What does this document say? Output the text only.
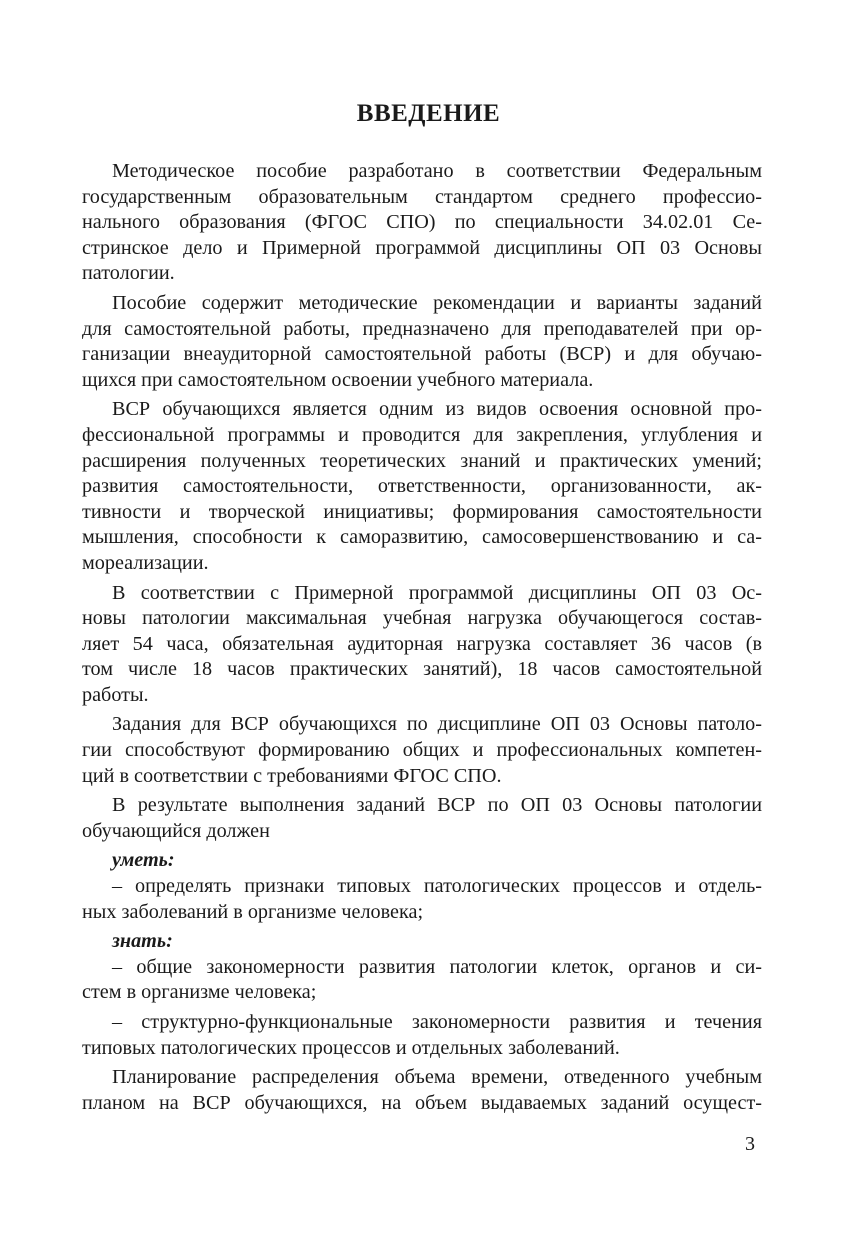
ВВЕДЕНИЕ
Методическое пособие разработано в соответствии Федеральным
государственным образовательным стандартом среднего профессио-
нального образования (ФГОС СПО) по специальности 34.02.01 Се-
стринское дело и Примерной программой дисциплины ОП 03 Основы
патологии.
Пособие содержит методические рекомендации и варианты заданий
для самостоятельной работы, предназначено для преподавателей при ор-
ганизации внеаудиторной самостоятельной работы (ВСР) и для обучаю-
щихся при самостоятельном освоении учебного материала.
ВСР обучающихся является одним из видов освоения основной про-
фессиональной программы и проводится для закрепления, углубления и
расширения полученных теоретических знаний и практических умений;
развития самостоятельности, ответственности, организованности, ак-
тивности и творческой инициативы; формирования самостоятельности
мышления, способности к саморазвитию, самосовершенствованию и са-
мореализации.
В соответствии с Примерной программой дисциплины ОП 03 Ос-
новы патологии максимальная учебная нагрузка обучающегося состав-
ляет 54 часа, обязательная аудиторная нагрузка составляет 36 часов (в
том числе 18 часов практических занятий), 18 часов самостоятельной
работы.
Задания для ВСР обучающихся по дисциплине ОП 03 Основы патоло-
гии способствуют формированию общих и профессиональных компетен-
ций в соответствии с требованиями ФГОС СПО.
В результате выполнения заданий ВСР по ОП 03 Основы патологии
обучающийся должен
уметь:
– определять признаки типовых патологических процессов и отдель-
ных заболеваний в организме человека;
знать:
– общие закономерности развития патологии клеток, органов и си-
стем в организме человека;
– структурно-функциональные закономерности развития и течения
типовых патологических процессов и отдельных заболеваний.
Планирование распределения объема времени, отведенного учебным
планом на ВСР обучающихся, на объем выдаваемых заданий осущест-
3
